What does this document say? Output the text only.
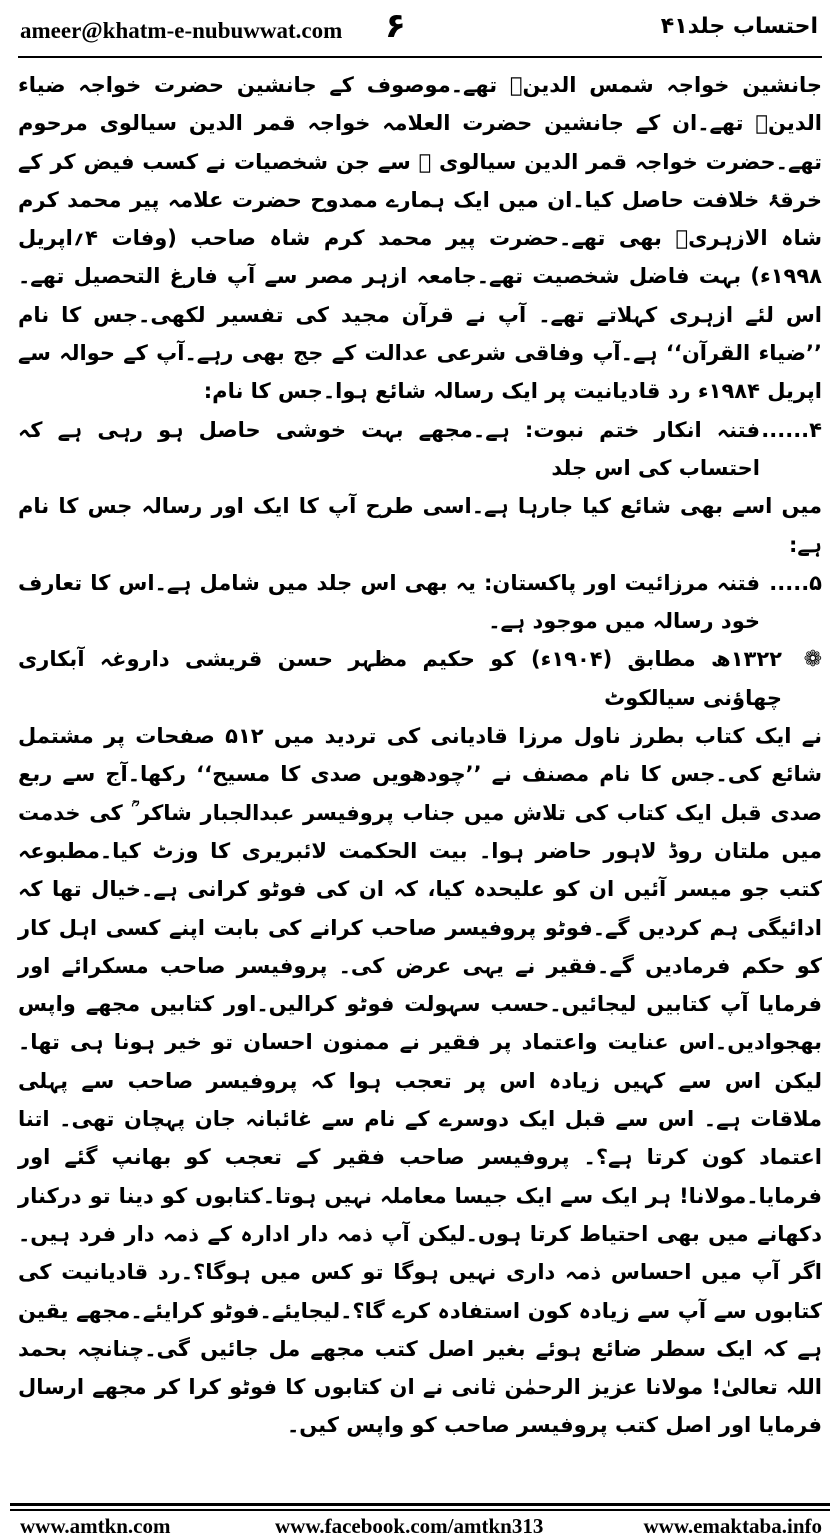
ameer@khatm-e-nubuwwat.com ۶	احتساب جلد۴۱

جانشین خواجہ شمس الدینؒ تھے۔موصوف کے جانشین حضرت خواجہ ضیاء الدینؒ تھے۔ان کے جانشین حضرت العلامہ خواجہ قمر الدین سیالوی مرحوم تھے۔حضرت خواجہ قمر الدین سیالوی ؒ سے جن شخصیات نے کسب فیض کر کے خرقۂ خلافت حاصل کیا۔ان میں ایک ہمارے ممدوح حضرت علامہ پیر محمد کرم شاہ الازہریؒ بھی تھے۔حضرت پیر محمد کرم شاہ صاحب (وفات ۴؍اپریل ۱۹۹۸ء) بہت فاضل شخصیت تھے۔جامعہ ازہر مصر سے آپ فارغ التحصیل تھے۔اس لئے ازہری کہلاتے تھے۔ آپ نے قرآن مجید کی تفسیر لکھی۔جس کا نام ’’ضیاء القرآن‘‘ ہے۔آپ وفاقی شرعی عدالت کے جج بھی رہے۔آپ کے حوالہ سے اپریل ۱۹۸۴ء رد قادیانیت پر ایک رسالہ شائع ہوا۔جس کا نام:

۴......
فتنہ انکار ختم نبوت: ہے۔مجھے بہت خوشی حاصل ہو رہی ہے کہ احتساب کی اس جلد

میں اسے بھی شائع کیا جارہا ہے۔اسی طرح آپ کا ایک اور رسالہ جس کا نام ہے:

۵.....
فتنہ مرزائیت اور پاکستان: یہ بھی اس جلد میں شامل ہے۔اس کا تعارف خود رسالہ میں موجود ہے۔
❁
۱۳۲۲ھ مطابق (۱۹۰۴ء) کو حکیم مظہر حسن قریشی داروغہ آبکاری چھاؤنی سیالکوٹ

نے ایک کتاب بطرز ناول مرزا قادیانی کی تردید میں ۵۱۲ صفحات پر مشتمل شائع کی۔جس کا نام مصنف نے ’’چودھویں صدی کا مسیح‘‘ رکھا۔آج سے ربع صدی قبل ایک کتاب کی تلاش میں جناب پروفیسر عبدالجبار شاکر ؒ کی خدمت میں ملتان روڈ لاہور حاضر ہوا۔ بیت الحکمت لائبریری کا وزٹ کیا۔مطبوعہ کتب جو میسر آئیں ان کو علیحدہ کیا، کہ ان کی فوٹو کرانی ہے۔خیال تھا کہ ادائیگی ہم کردیں گے۔فوٹو پروفیسر صاحب کرانے کی بابت اپنے کسی اہل کار کو حکم فرمادیں گے۔فقیر نے یہی عرض کی۔ پروفیسر صاحب مسکرائے اور فرمایا آپ کتابیں لیجائیں۔حسب سہولت فوٹو کرالیں۔اور کتابیں مجھے واپس بھجوادیں۔اس عنایت واعتماد پر فقیر نے ممنون احسان تو خیر ہونا ہی تھا۔لیکن اس سے کہیں زیادہ اس پر تعجب ہوا کہ پروفیسر صاحب سے پہلی ملاقات ہے۔ اس سے قبل ایک دوسرے کے نام سے غائبانہ جان پہچان تھی۔ اتنا اعتماد کون کرتا ہے؟۔ پروفیسر صاحب فقیر کے تعجب کو بھانپ گئے اور فرمایا۔مولانا! ہر ایک سے ایک جیسا معاملہ نہیں ہوتا۔کتابوں کو دینا تو درکنار دکھانے میں بھی احتیاط کرتا ہوں۔لیکن آپ ذمہ دار ادارہ کے ذمہ دار فرد ہیں۔اگر آپ میں احساس ذمہ داری نہیں ہوگا تو کس میں ہوگا؟۔رد قادیانیت کی کتابوں سے آپ سے زیادہ کون استفادہ کرے گا؟۔لیجایئے۔فوٹو کرایئے۔مجھے یقین ہے کہ ایک سطر ضائع ہوئے بغیر اصل کتب مجھے مل جائیں گی۔چنانچہ بحمد اللہ تعالیٰ! مولانا عزیز الرحمٰن ثانی نے ان کتابوں کا فوٹو کرا کر مجھے ارسال فرمایا اور اصل کتب پروفیسر صاحب کو واپس کیں۔

www.amtkn.com	www.facebook.com/amtkn313	www.emaktaba.info
